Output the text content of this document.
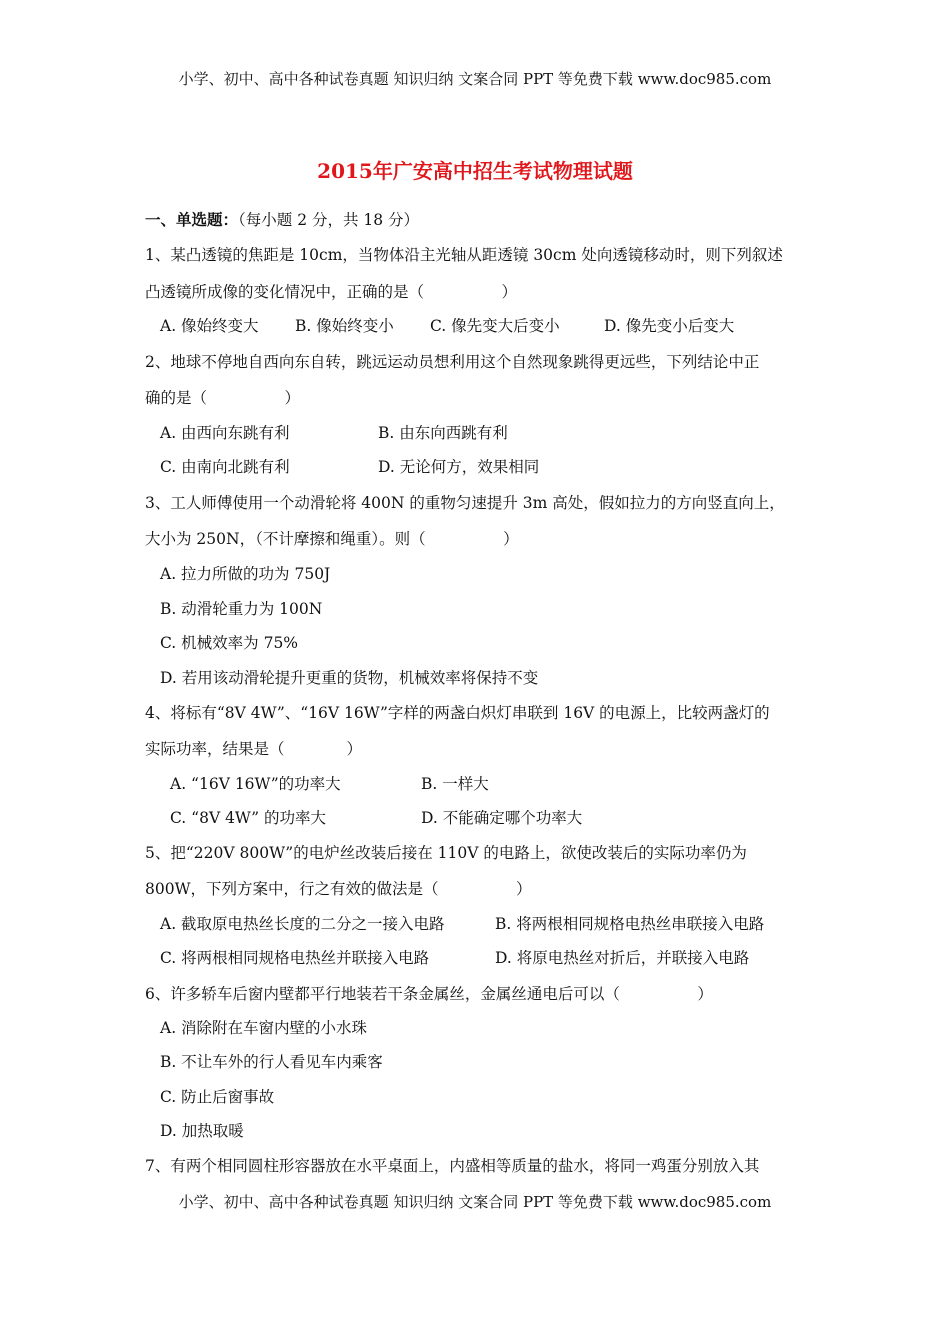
小学、初中、高中各种试卷真题 知识归纳 文案合同 PPT 等免费下载 www.doc985.com
2015年广安高中招生考试物理试题
一、单选题：（每小题 2 分，共 18 分）
1、某凸透镜的焦距是 10cm，当物体沿主光轴从距透镜 30cm 处向透镜移动时，则下列叙述
凸透镜所成像的变化情况中，正确的是（　　　　　）
A. 像始终变大 B. 像始终变小 C. 像先变大后变小	D. 像先变小后变大
2、地球不停地自西向东自转，跳远运动员想利用这个自然现象跳得更远些，下列结论中正
确的是（　　　　　）
A. 由西向东跳有利	B. 由东向西跳有利
C. 由南向北跳有利	D. 无论何方，效果相同
3、工人师傅使用一个动滑轮将 400N 的重物匀速提升 3m 高处，假如拉力的方向竖直向上，
大小为 250N，（不计摩擦和绳重）。则（　　　　　）
A. 拉力所做的功为 750J
B. 动滑轮重力为 100N
C. 机械效率为 75%
D. 若用该动滑轮提升更重的货物，机械效率将保持不变
4、将标有“8V 4W”、“16V 16W”字样的两盏白炽灯串联到 16V 的电源上，比较两盏灯的
实际功率，结果是（　　　　）
A. “16V 16W”的功率大	B. 一样大
C. “8V 4W” 的功率大	D. 不能确定哪个功率大
5、把“220V 800W”的电炉丝改装后接在 110V 的电路上，欲使改装后的实际功率仍为
800W，下列方案中，行之有效的做法是（　　　　　）
A. 截取原电热丝长度的二分之一接入电路	B. 将两根相同规格电热丝串联接入电路
C. 将两根相同规格电热丝并联接入电路	D. 将原电热丝对折后，并联接入电路
6、许多轿车后窗内壁都平行地装若干条金属丝，金属丝通电后可以（　　　　　）
A. 消除附在车窗内壁的小水珠
B. 不让车外的行人看见车内乘客
C. 防止后窗事故
D. 加热取暖
7、有两个相同圆柱形容器放在水平桌面上，内盛相等质量的盐水，将同一鸡蛋分别放入其
小学、初中、高中各种试卷真题 知识归纳 文案合同 PPT 等免费下载 www.doc985.com
